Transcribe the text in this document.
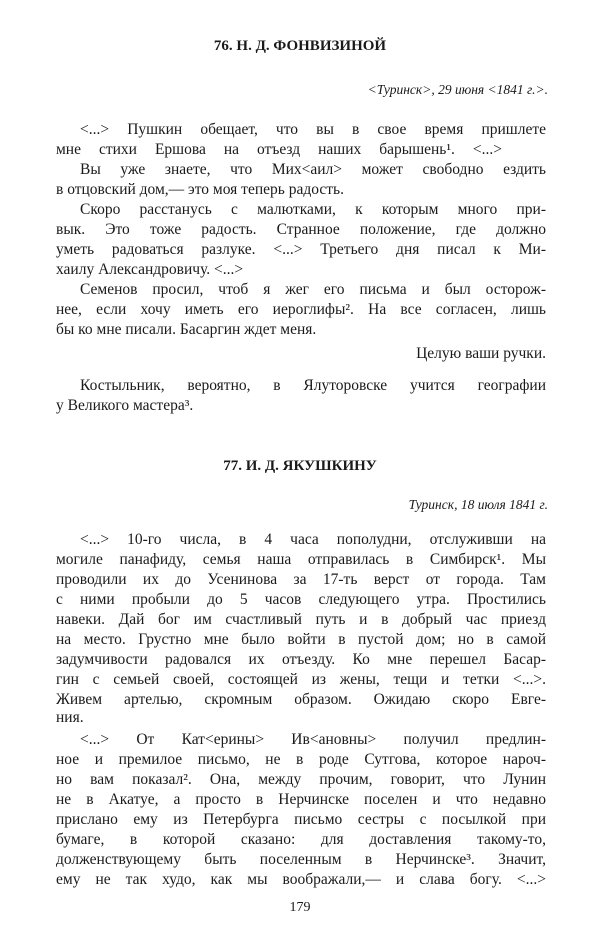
76. Н. Д. ФОНВИЗИНОЙ
<Туринск>, 29 июня <1841 г.>.
<...> Пушкин обещает, что вы в свое время пришлете
мне стихи Ершова на отъезд наших барышень¹. <...>
Вы уже знаете, что Мих<аил> может свободно ездить
в отцовский дом,— это моя теперь радость.
Скоро расстанусь с малютками, к которым много при-
вык. Это тоже радость. Странное положение, где должно
уметь радоваться разлуке. <...> Третьего дня писал к Ми-
хаилу Александровичу. <...>
Семенов просил, чтоб я жег его письма и был осторож-
нее, если хочу иметь его иероглифы². На все согласен, лишь
бы ко мне писали. Басаргин ждет меня.
Целую ваши ручки.
Костыльник, вероятно, в Ялуторовске учится географии
у Великого мастера³.
77. И. Д. ЯКУШКИНУ
Туринск, 18 июля 1841 г.
<...> 10-го числа, в 4 часа пополудни, отслуживши на
могиле панафиду, семья наша отправилась в Симбирск¹. Мы
проводили их до Усенинова за 17-ть верст от города. Там
с ними пробыли до 5 часов следующего утра. Простились
навеки. Дай бог им счастливый путь и в добрый час приезд
на место. Грустно мне было войти в пустой дом; но в самой
задумчивости радовался их отъезду. Ко мне перешел Басар-
гин с семьей своей, состоящей из жены, тещи и тетки <...>.
Живем артелью, скромным образом. Ожидаю скоро Евге-
ния.
<...> От Кат<ерины> Ив<ановны> получил предлин-
ное и премилое письмо, не в роде Сутгова, которое нароч-
но вам показал². Она, между прочим, говорит, что Лунин
не в Акатуе, а просто в Нерчинске поселен и что недавно
прислано ему из Петербурга письмо сестры с посылкой при
бумаге, в которой сказано: для доставления такому-то,
долженствующему быть поселенным в Нерчинске³. Значит,
ему не так худо, как мы воображали,— и слава богу. <...>
179
